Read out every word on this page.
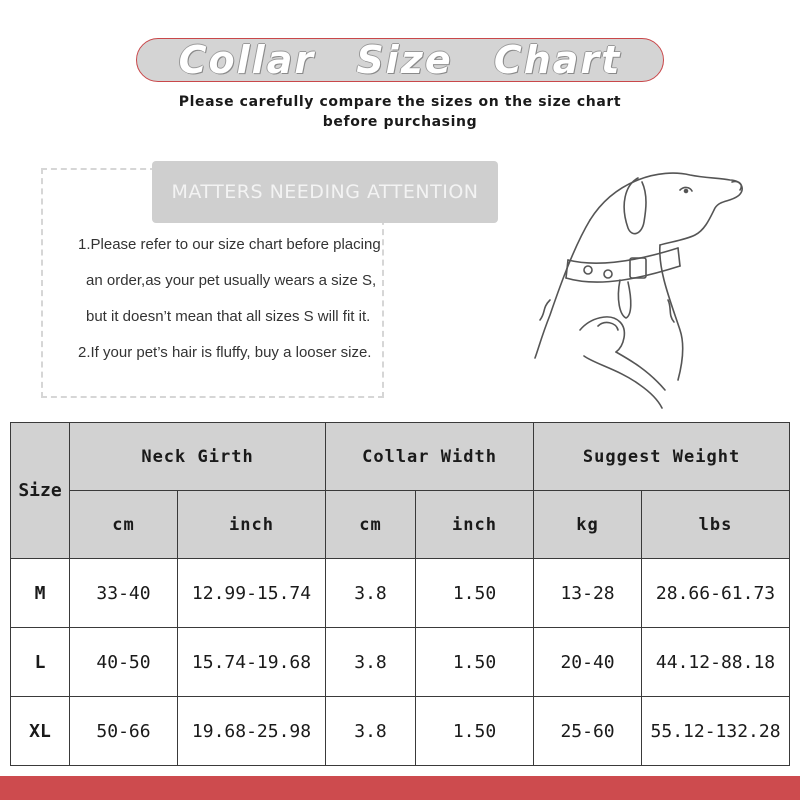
Collar Size Chart
Please carefully compare the sizes on the size chart
before purchasing
MATTERS NEEDING ATTENTION
1.Please refer to our size chart before placing
an order,as your pet usually wears a size S,
but it doesn’t mean that all sizes S will fit it.
2.If your pet’s hair is fluffy, buy a looser size.
Size	Neck Girth		Collar Width		Suggest Weight	
	cm	inch	cm	inch	kg	lbs
M	33-40	12.99-15.74	3.8	1.50	13-28	28.66-61.73
L	40-50	15.74-19.68	3.8	1.50	20-40	44.12-88.18
XL	50-66	19.68-25.98	3.8	1.50	25-60	55.12-132.28
